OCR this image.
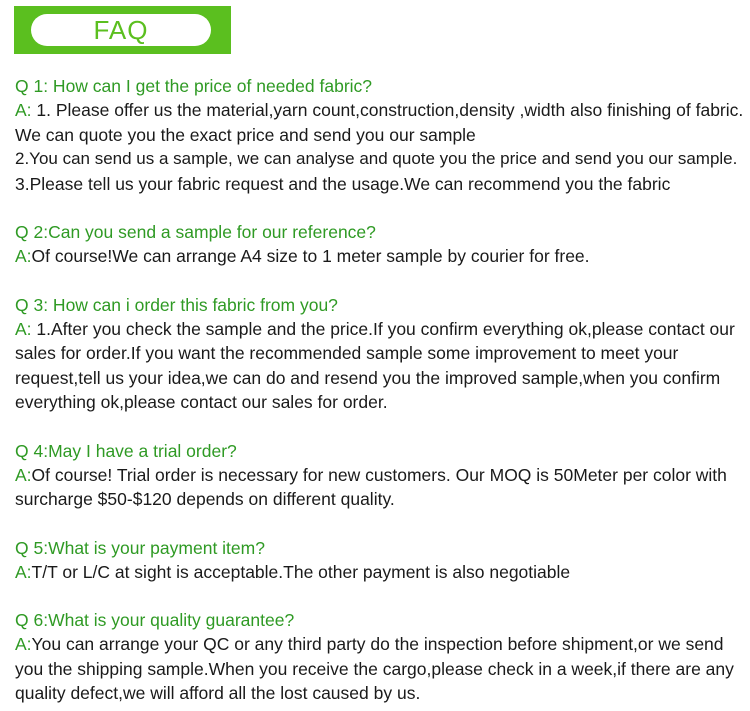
FAQ
Q 1: How can I get the price of needed fabric?
A: 1. Please offer us the material,yarn count,construction,density ,width also finishing of fabric.
We can quote you the exact price and send you our sample
2.You can send us a sample, we can analyse and quote you the price and send you our sample.
3.Please tell us your fabric request and the usage.We can recommend you the fabric
Q 2:Can you send a sample for our reference?
A:Of course!We can arrange A4 size to 1 meter sample by courier for free.
Q 3: How can i order this fabric from you?
A: 1.After you check the sample and the price.If you confirm everything ok,please contact our
sales for order.If you want the recommended sample some improvement to meet your
request,tell us your idea,we can do and resend you the improved sample,when you confirm
everything ok,please contact our sales for order.
Q 4:May I have a trial order?
A:Of course! Trial order is necessary for new customers. Our MOQ is 50Meter per color with
surcharge $50-$120 depends on different quality.
Q 5:What is your payment item?
A:T/T or L/C at sight is acceptable.The other payment is also negotiable
Q 6:What is your quality guarantee?
A:You can arrange your QC or any third party do the inspection before shipment,or we send
you the shipping sample.When you receive the cargo,please check in a week,if there are any
quality defect,we will afford all the lost caused by us.
